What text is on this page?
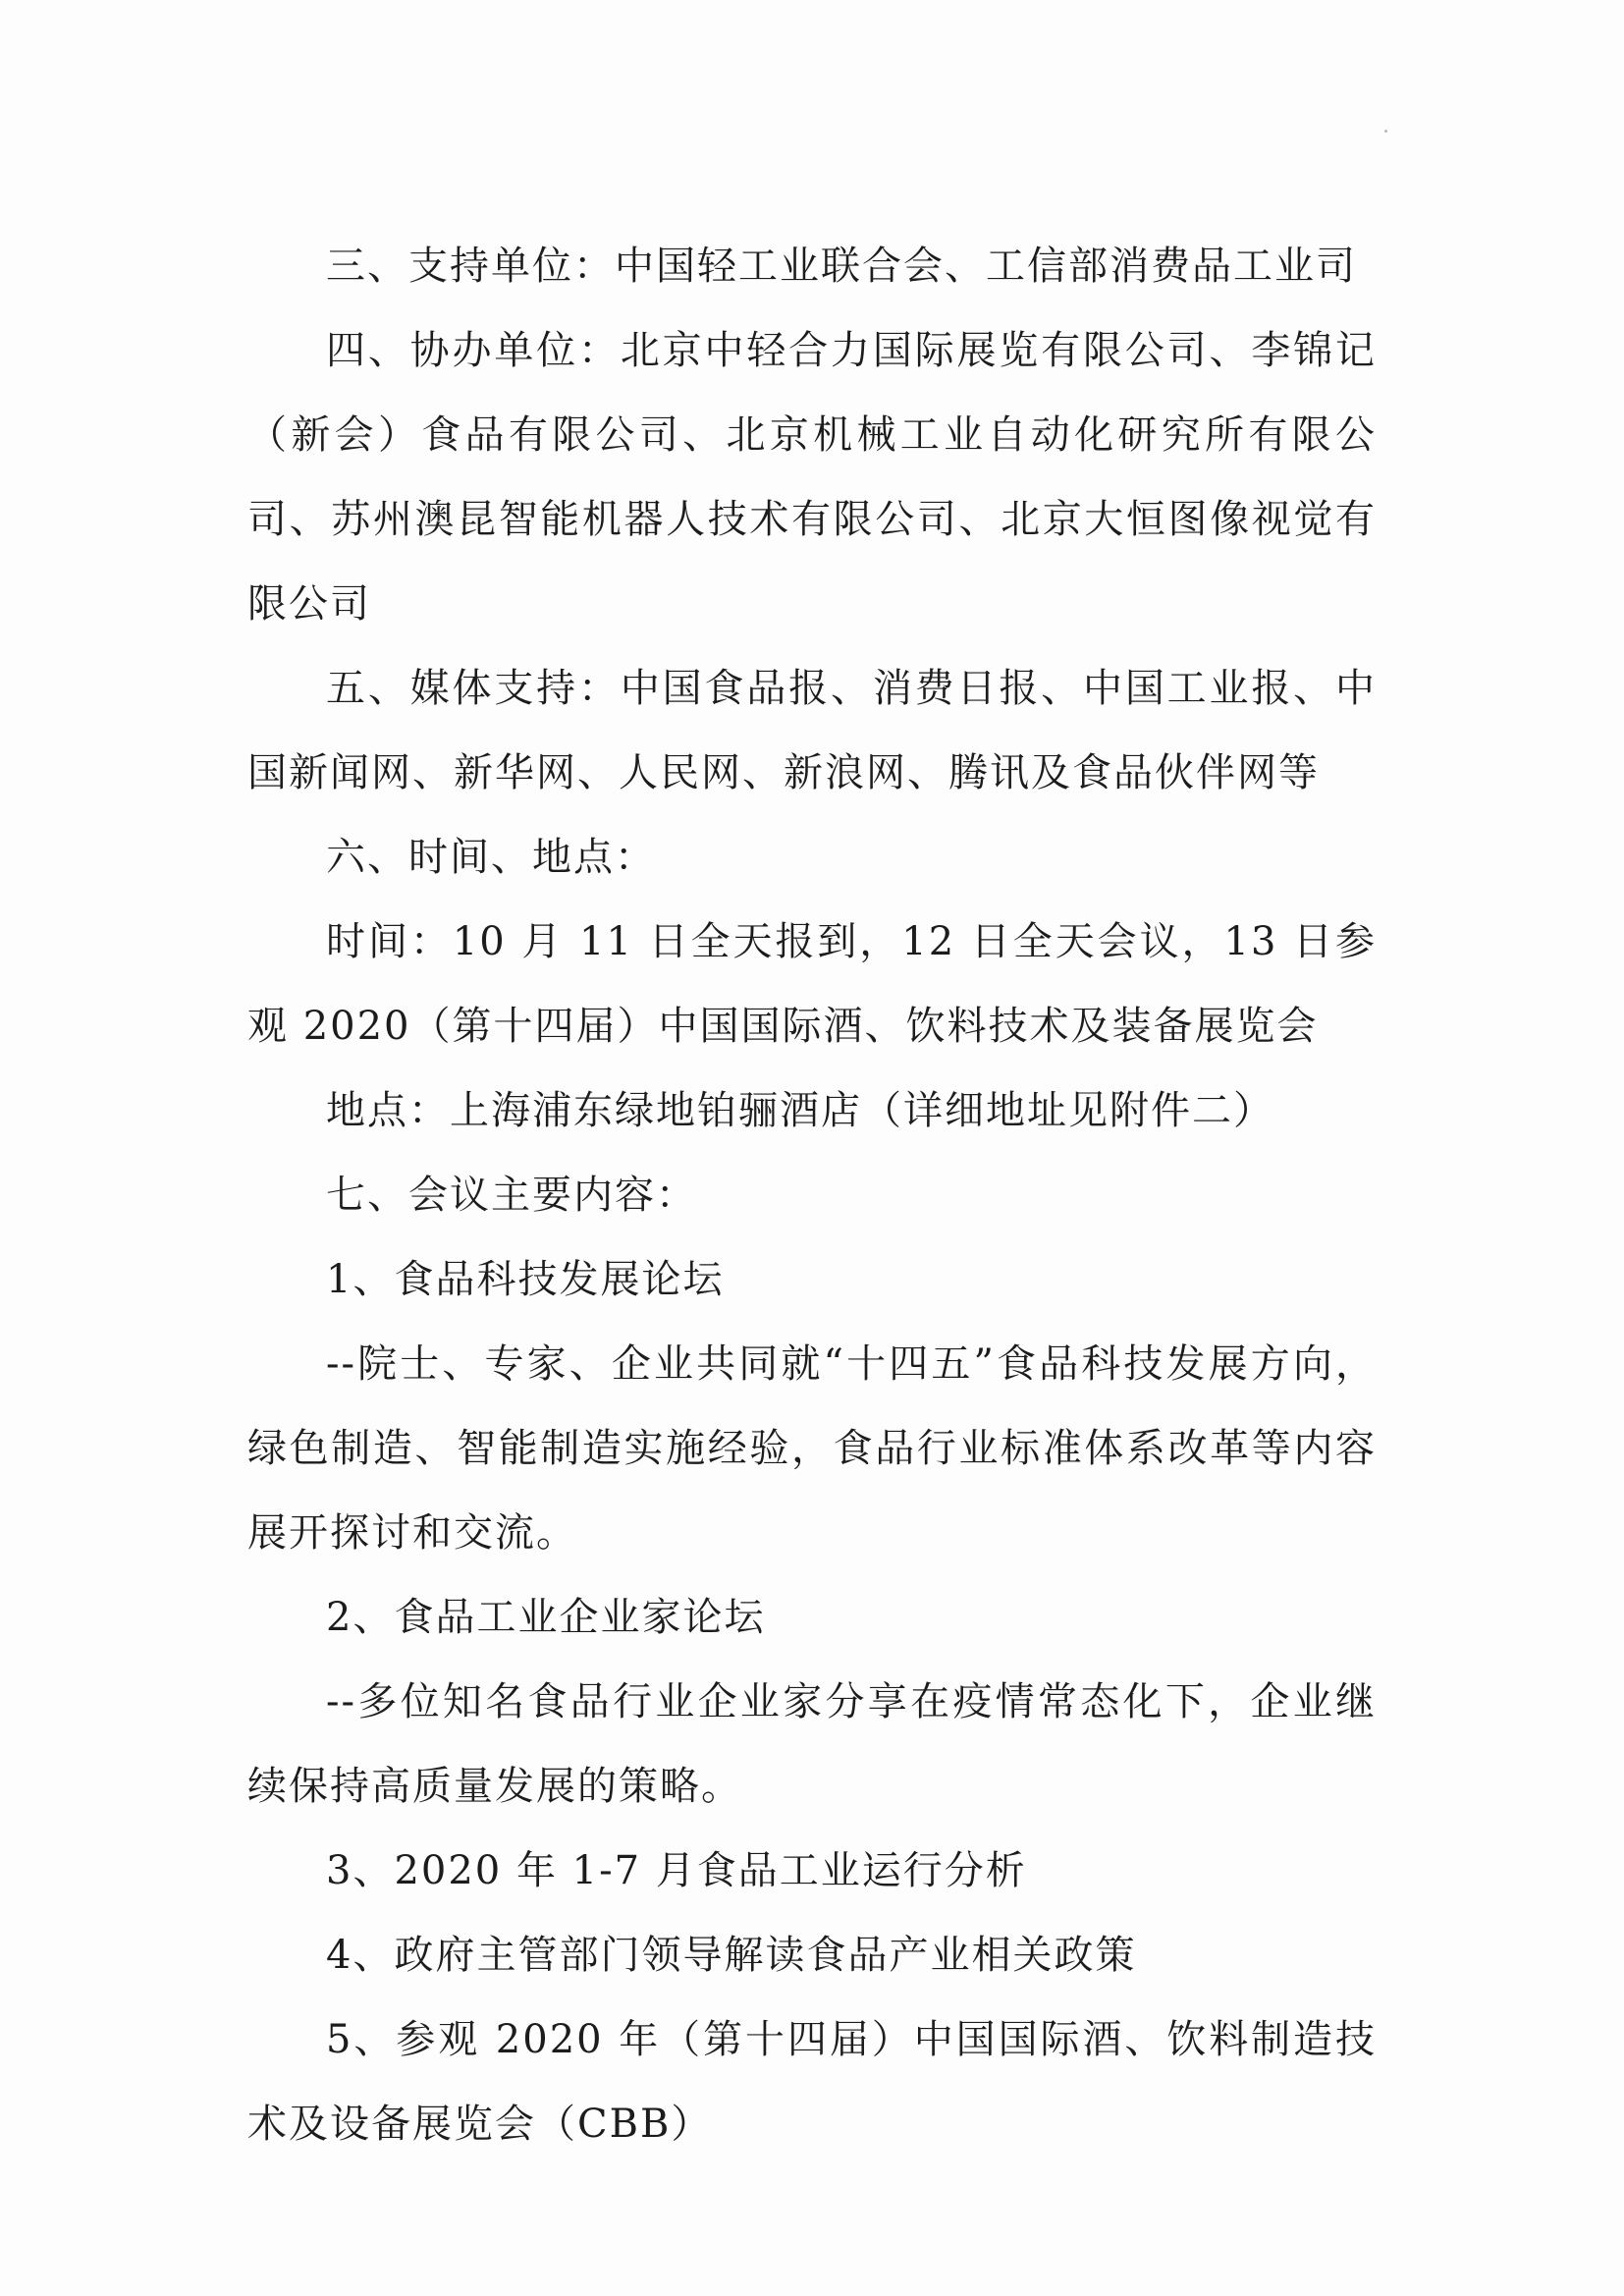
三、支持单位：中国轻工业联合会、工信部消费品工业司

四、协办单位：北京中轻合力国际展览有限公司、李锦记（新会）食品有限公司、北京机械工业自动化研究所有限公司、苏州澳昆智能机器人技术有限公司、北京大恒图像视觉有限公司

五、媒体支持：中国食品报、消费日报、中国工业报、中国新闻网、新华网、人民网、新浪网、腾讯及食品伙伴网等

六、时间、地点：

时间：10 月 11 日全天报到，12 日全天会议，13 日参观 2020（第十四届）中国国际酒、饮料技术及装备展览会

地点：上海浦东绿地铂骊酒店（详细地址见附件二）

七、会议主要内容：

1、食品科技发展论坛

--院士、专家、企业共同就“十四五”食品科技发展方向，绿色制造、智能制造实施经验，食品行业标准体系改革等内容展开探讨和交流。

2、食品工业企业家论坛

--多位知名食品行业企业家分享在疫情常态化下，企业继续保持高质量发展的策略。

3、2020 年 1-7 月食品工业运行分析

4、政府主管部门领导解读食品产业相关政策

5、参观 2020 年（第十四届）中国国际酒、饮料制造技术及设备展览会（CBB）
